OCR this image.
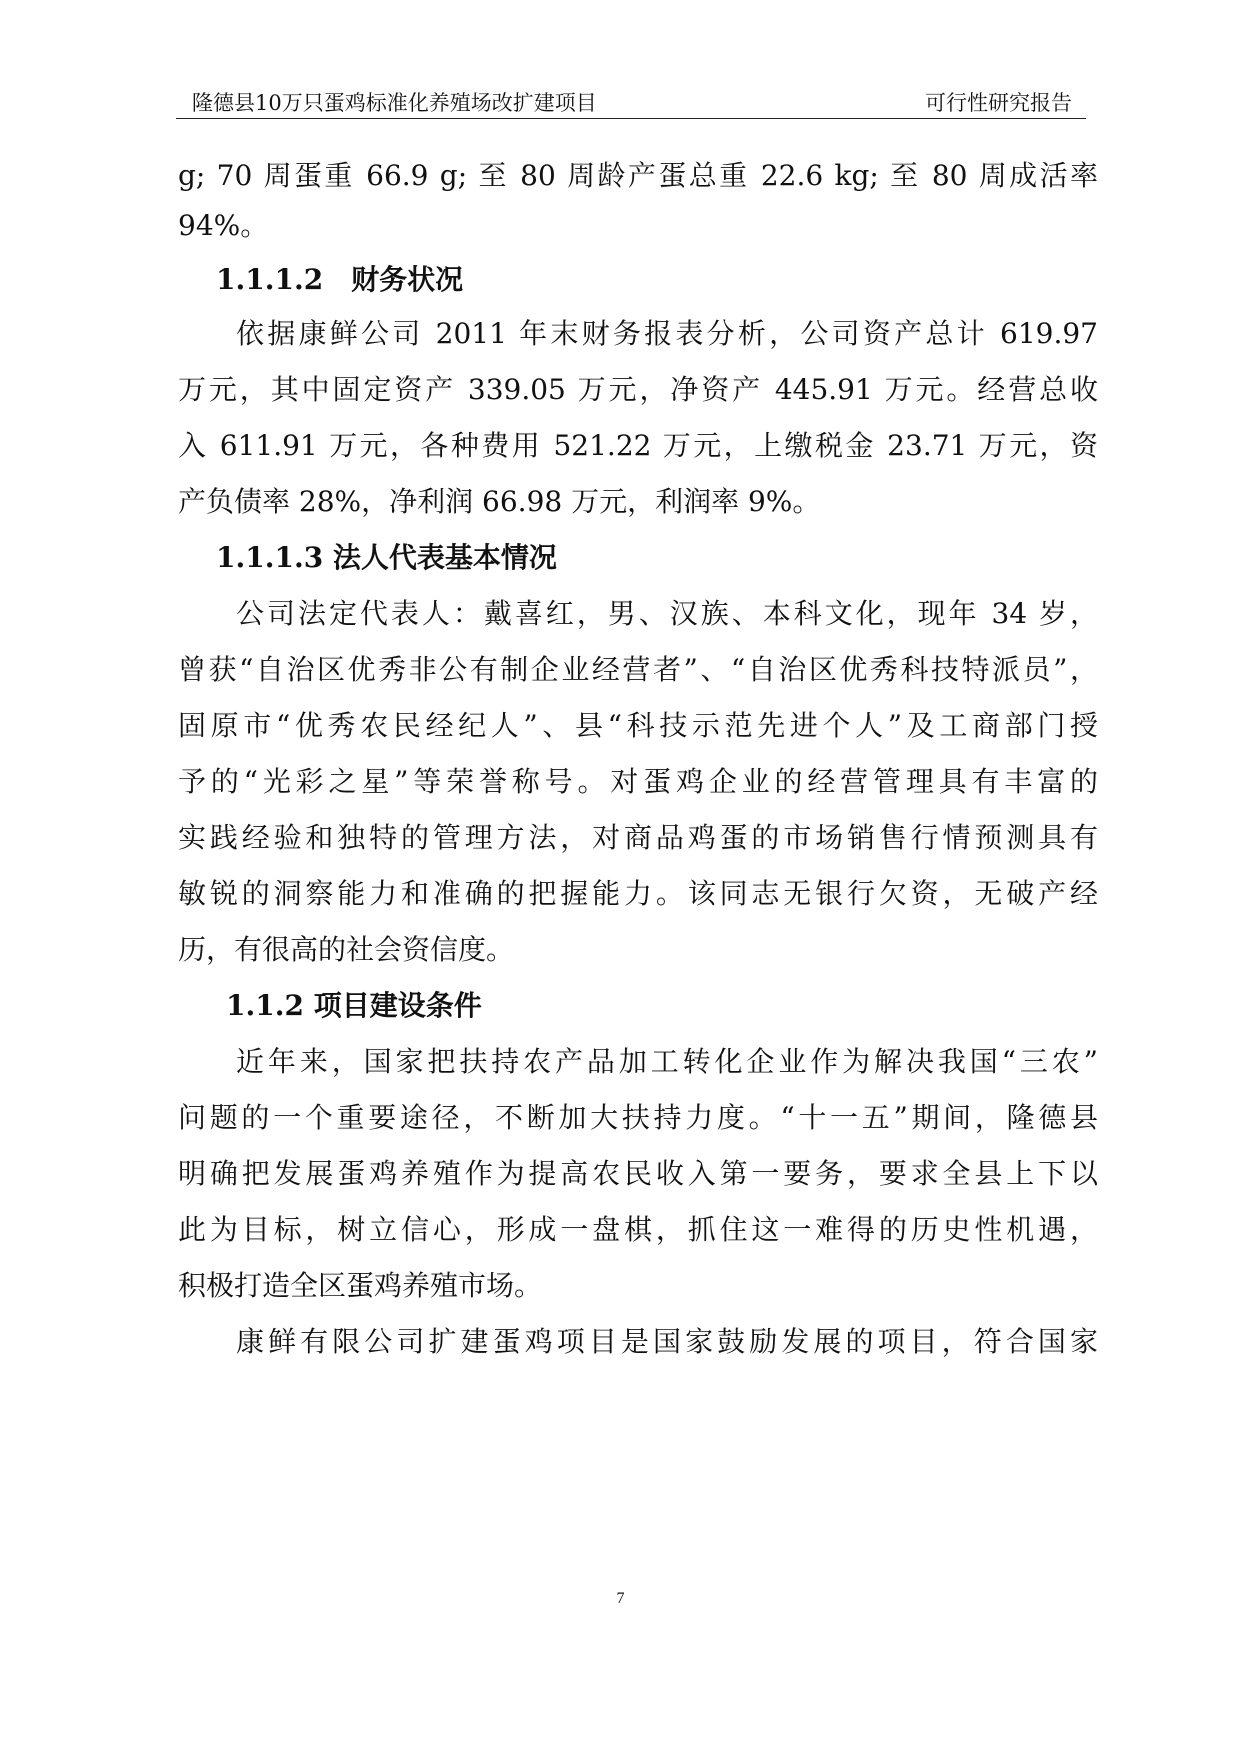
隆德县10万只蛋鸡标准化养殖场改扩建项目	可行性研究报告
g; 70 周蛋重 66.9 g; 至 80 周龄产蛋总重 22.6 kg; 至 80 周成活率
94%。
1.1.1.2　财务状况
依据康鲜公司 2011 年末财务报表分析，公司资产总计 619.97
万元，其中固定资产 339.05 万元，净资产 445.91 万元。经营总收
入 611.91 万元，各种费用 521.22 万元，上缴税金 23.71 万元，资
产负债率 28%，净利润 66.98 万元，利润率 9%。
1.1.1.3 法人代表基本情况
公司法定代表人：戴喜红，男、汉族、本科文化，现年 34 岁，
曾获“自治区优秀非公有制企业经营者”、“自治区优秀科技特派员”，
固原市“优秀农民经纪人”、县“科技示范先进个人”及工商部门授
予的“光彩之星”等荣誉称号。对蛋鸡企业的经营管理具有丰富的
实践经验和独特的管理方法，对商品鸡蛋的市场销售行情预测具有
敏锐的洞察能力和准确的把握能力。该同志无银行欠资，无破产经
历，有很高的社会资信度。
1.1.2 项目建设条件
近年来，国家把扶持农产品加工转化企业作为解决我国“三农”
问题的一个重要途径，不断加大扶持力度。“十一五”期间，隆德县
明确把发展蛋鸡养殖作为提高农民收入第一要务，要求全县上下以
此为目标，树立信心，形成一盘棋，抓住这一难得的历史性机遇，
积极打造全区蛋鸡养殖市场。
康鲜有限公司扩建蛋鸡项目是国家鼓励发展的项目，符合国家
7
